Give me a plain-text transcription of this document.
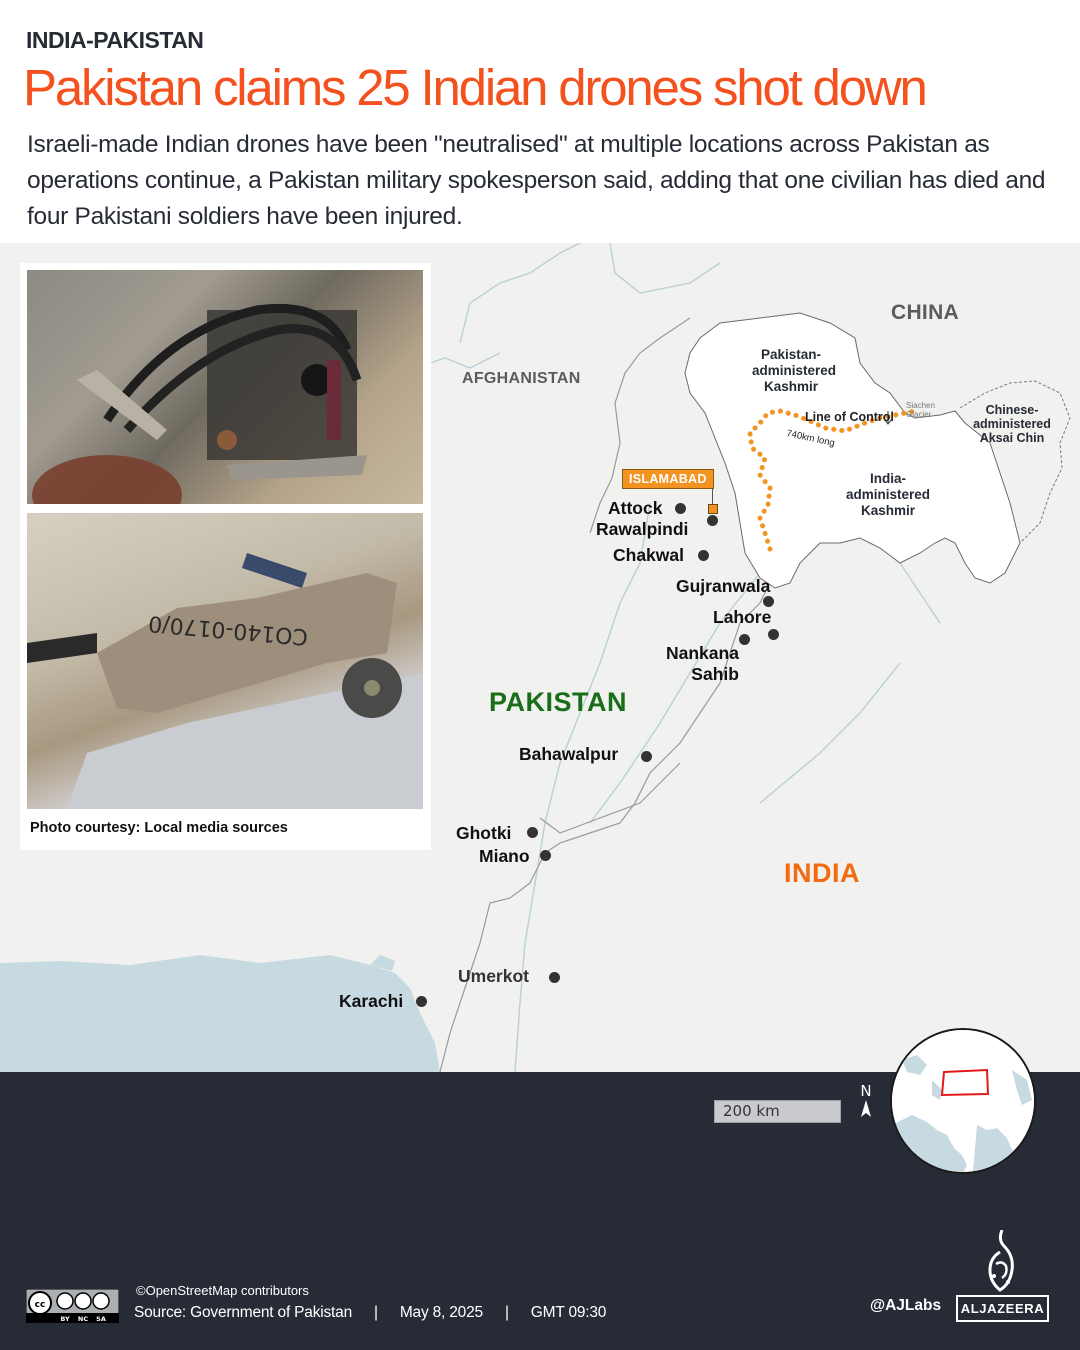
INDIA-PAKISTAN
Pakistan claims 25 Indian drones shot down
Israeli-made Indian drones have been "neutralised" at multiple locations across Pakistan as operations continue, a Pakistan military spokesperson said, adding that one civilian has died and four Pakistani soldiers have been injured.
CHINA
AFGHANISTAN
PAKISTAN
INDIA
Pakistan-
administered
Kashmir
India-
administered
Kashmir
Chinese-
administered
Aksai Chin
Siachen
Glacier
Line of Control
740km long
ISLAMABAD
Attock
Rawalpindi
Chakwal
Gujranwala
Lahore
Nankana
Sahib
Bahawalpur
Ghotki
Miano
Umerkot
Karachi
CO140-0170/0
Photo courtesy: Local media sources
200 km
N
cc
BY NC SA
©OpenStreetMap contributors
Source: Government of Pakistan | May 8, 2025 | GMT 09:30	@AJLabs	ALJAZEERA
